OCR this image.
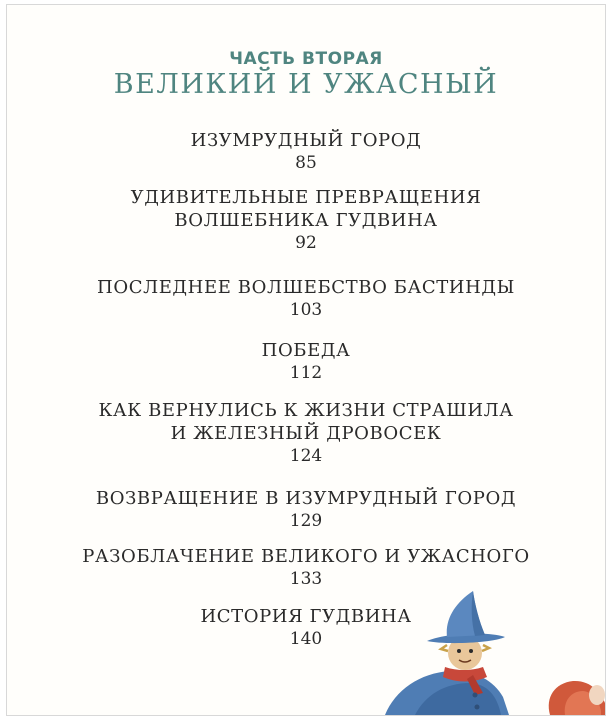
ЧАСТЬ ВТОРАЯ
ВЕЛИКИЙ И УЖАСНЫЙ
ИЗУМРУДНЫЙ ГОРОД
85
УДИВИТЕЛЬНЫЕ ПРЕВРАЩЕНИЯ
ВОЛШЕБНИКА ГУДВИНА
92
ПОСЛЕДНЕЕ ВОЛШЕБСТВО БАСТИНДЫ
103
ПОБЕДА
112
КАК ВЕРНУЛИСЬ К ЖИЗНИ СТРАШИЛА
И ЖЕЛЕЗНЫЙ ДРОВОСЕК
124
ВОЗВРАЩЕНИЕ В ИЗУМРУДНЫЙ ГОРОД
129
РАЗОБЛАЧЕНИЕ ВЕЛИКОГО И УЖАСНОГО
133
ИСТОРИЯ ГУДВИНА
140
